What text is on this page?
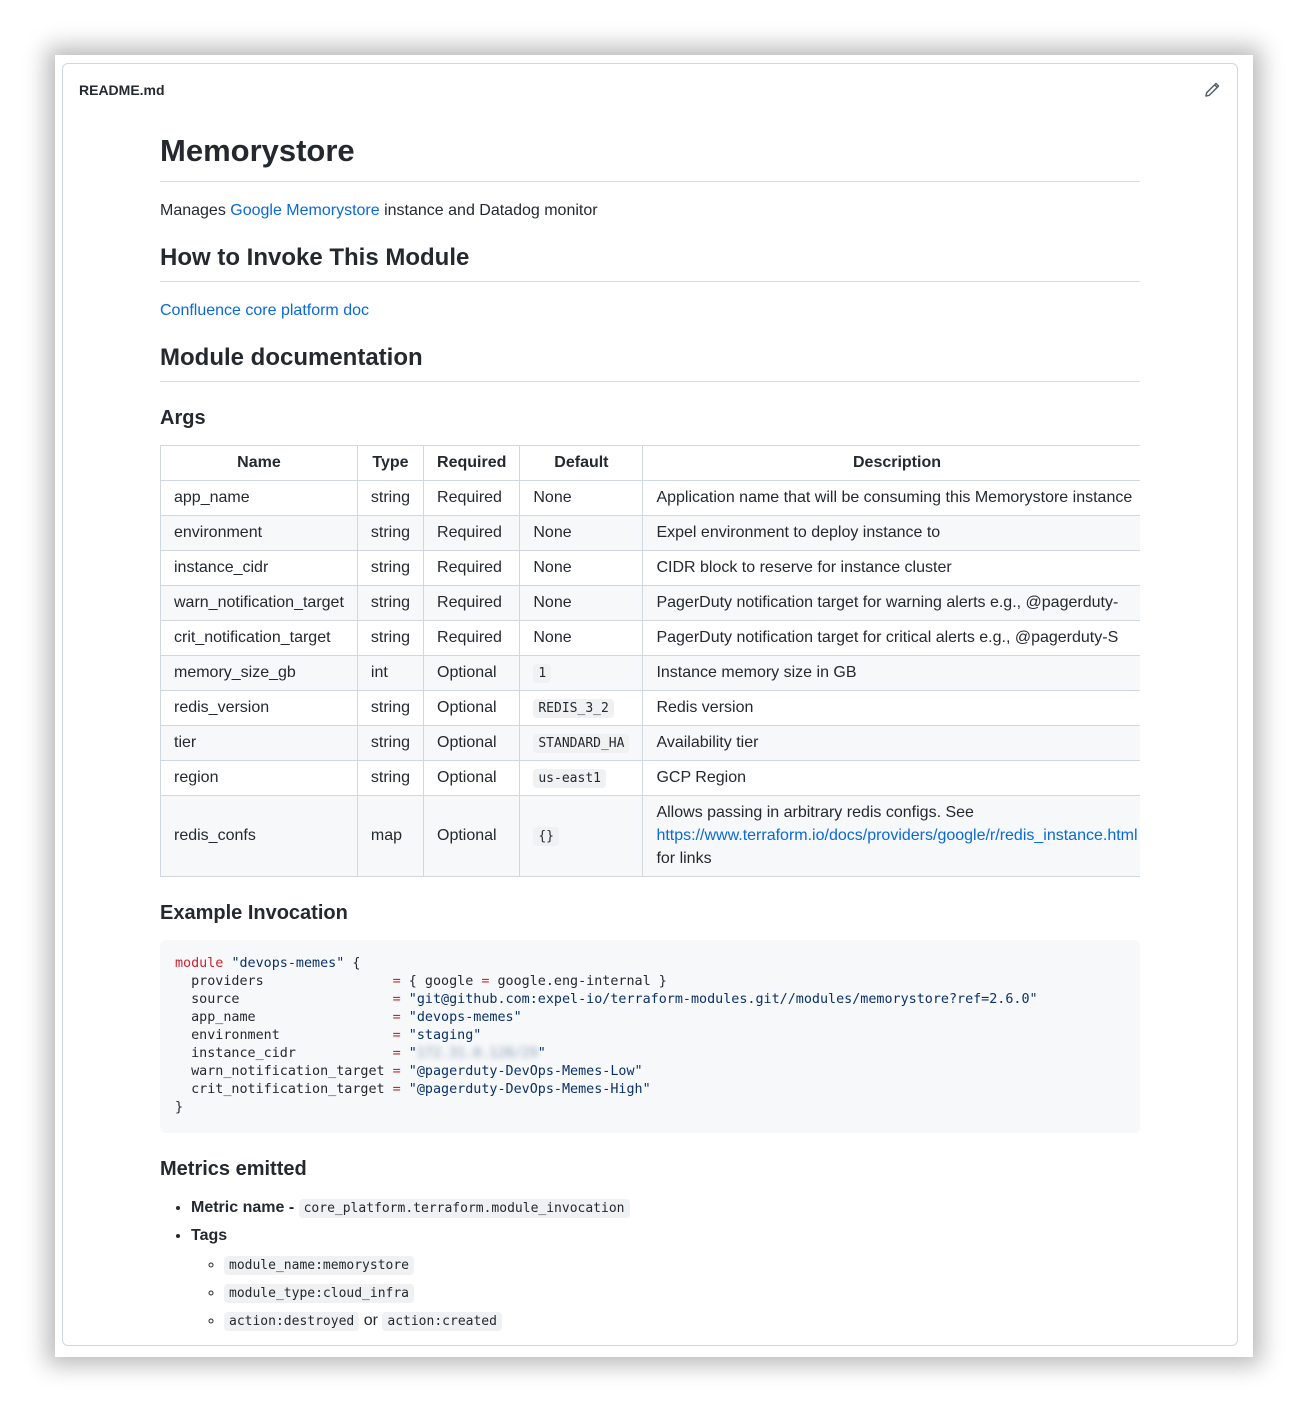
README.md
Memorystore

Manages Google Memorystore instance and Datadog monitor

How to Invoke This Module

Confluence core platform doc

Module documentation
Args
Name	Type	Required	Default	Description
app_name	string	Required	None	Application name that will be consuming this Memorystore instance
environment	string	Required	None	Expel environment to deploy instance to
instance_cidr	string	Required	None	CIDR block to reserve for instance cluster
warn_notification_target	string	Required	None	PagerDuty notification target for warning alerts e.g., @pagerduty-
crit_notification_target	string	Required	None	PagerDuty notification target for critical alerts e.g., @pagerduty-S
memory_size_gb	int	Optional	1	Instance memory size in GB
redis_version	string	Optional	REDIS_3_2	Redis version
tier	string	Optional	STANDARD_HA	Availability tier
region	string	Optional	us-east1	GCP Region
redis_confs	map	Optional	{}	Allows passing in arbitrary redis configs. See
https://www.terraform.io/docs/providers/google/r/redis_instance.html
for links
Example Invocation
module "devops-memes" {
providers                = { google = google.eng-internal }
source                   = "git@github.com:expel-io/terraform-modules.git//modules/memorystore?ref=2.6.0"
app_name                 = "devops-memes"
environment              = "staging"
instance_cidr            = "172.31.0.128/29"
warn_notification_target = "@pagerduty-DevOps-Memes-Low"
crit_notification_target = "@pagerduty-DevOps-Memes-High"
}
Metrics emitted
• Metric name - core_platform.terraform.module_invocation
• Tags
◦ module_name:memorystore
◦ module_type:cloud_infra
◦ action:destroyed or action:created
